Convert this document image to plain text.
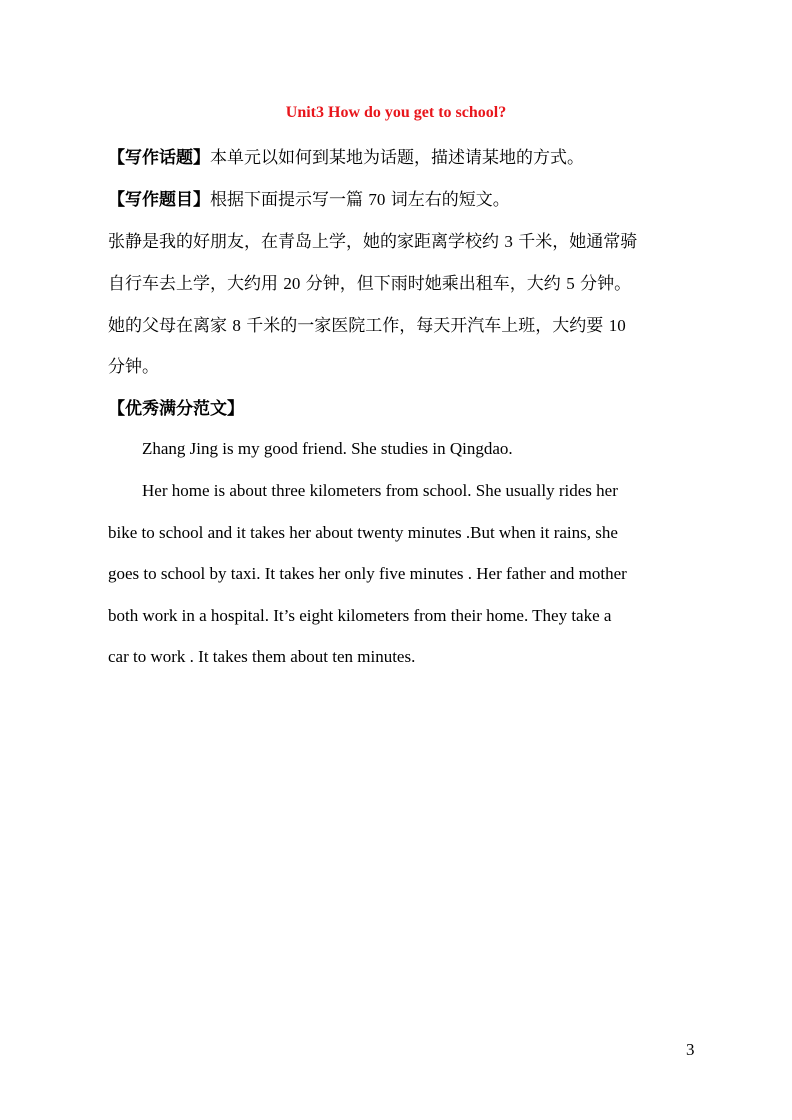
Unit3 How do you get to school?
【写作话题】本单元以如何到某地为话题，描述请某地的方式。
【写作题目】根据下面提示写一篇 70 词左右的短文。
张静是我的好朋友，在青岛上学，她的家距离学校约 3 千米，她通常骑
自行车去上学，大约用 20 分钟，但下雨时她乘出租车，大约 5 分钟。
她的父母在离家 8 千米的一家医院工作，每天开汽车上班，大约要 10
分钟。
【优秀满分范文】
Zhang Jing is my good friend. She studies in Qingdao.
Her home is about three kilometers from school. She usually rides her
bike to school and it takes her about twenty minutes .But when it rains, she
goes to school by taxi. It takes her only five minutes . Her father and mother
both work in a hospital. It’s eight kilometers from their home. They take a
car to work . It takes them about ten minutes.
3
